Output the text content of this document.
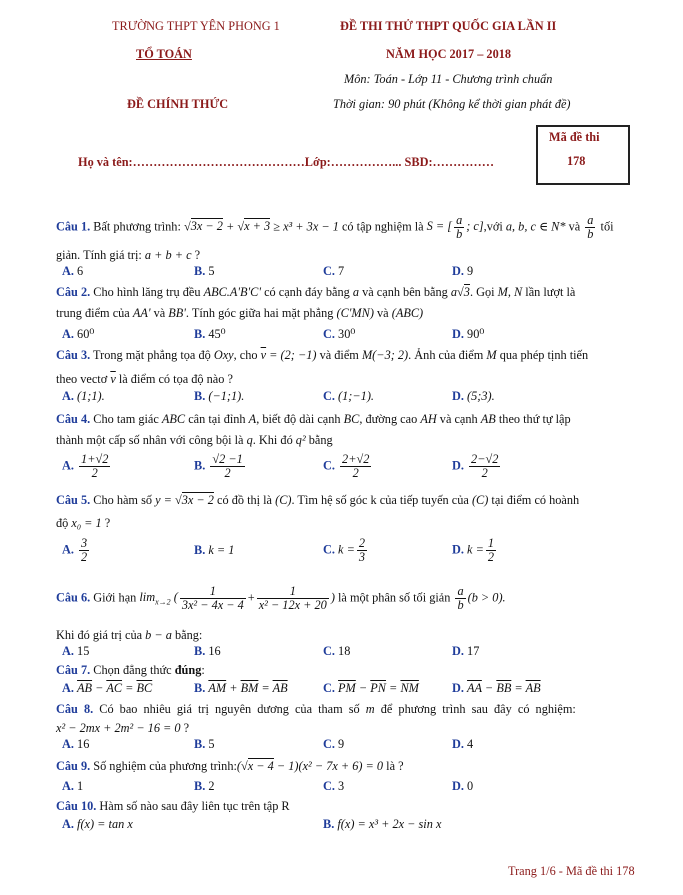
TRƯỜNG THPT YÊN PHONG 1
TỔ TOÁN
ĐỀ CHÍNH THỨC
ĐỀ THI THỬ THPT QUỐC GIA LẦN II
NĂM HỌC 2017 – 2018
Môn: Toán - Lớp 11 - Chương trình chuẩn
Thời gian: 90 phút (Không kể thời gian phát đề)
Mã đề thi
178
Họ và tên:……………………………………Lớp:……………... SBD:……………
Câu 1. Bất phương trình: √3x − 2 + √x + 3 ≥ x³ + 3x − 1 có tập nghiệm là S = [ $\frac{a}{b}$ ; c],với a, b, c ∈ N* và $\frac{a}{b}$ tối
giản. Tính giá trị: a + b + c ?
A. 6	B. 5	C. 7	D. 9
Câu 2. Cho hình lăng trụ đều ABC.A'B'C' có cạnh đáy bằng a và cạnh bên bằng a√3. Gọi M, N lần lượt là
trung điểm của AA' và BB'. Tính góc giữa hai mặt phẳng (C'MN) và (ABC)
A. 60⁰	B. 45⁰	C. 30⁰	D. 90⁰
Câu 3. Trong mặt phẳng tọa độ Oxy, cho $\overline{v} = (2$; −1) và điểm M(−3; 2). Ảnh của điểm M qua phép tịnh tiến
theo vectơ $\overline{v}$ là điểm có tọa độ nào ?
A. (1;1).	B. (−1;1).	C. (1;−1).	D. (5;3).
Câu 4. Cho tam giác ABC cân tại đỉnh A, biết độ dài cạnh BC, đường cao AH và cạnh AB theo thứ tự lập
thành một cấp số nhân với công bội là q. Khi đó q² bằng
A. $\frac{1+√2}{2}$	B. $\frac{√2 -1}{2}$	C. $\frac{2+√2}{2}$	D. $\frac{2-√2}{2}$
Câu 5. Cho hàm số y = √3x − 2 có đồ thị là (C). Tìm hệ số góc k của tiếp tuyến của (C) tại điểm có hoành
độ x₀ = 1 ?
A. $\frac{3}{2}$	B. k = 1	C. $k = \frac{2}{3}$	D. $k = \frac{1}{2}$
Câu 6. Giới hạn $\lim_{x\to 2}$ ( $\frac{1}{\text{3x² − 4x − 4}} + \frac{1}{\text{x² − 12x + 20}}$ ) là một phân số tối giản $\frac{a}{b} (b > 0)$.
Khi đó giá trị của b − a bằng:
A. 15	B. 16	C. 18	D. 17
Câu 7. Chọn đẳng thức đúng:
A. $\overline{AB} - \overline{AC} = \overline{BC}$	B. $\overline{AM} + \overline{BM} = \overline{AB}$	C. $\overline{PM} - \overline{PN} = \overline{NM}$	D. $\overline{AA} - \overline{BB} = \overline{AB}$
Câu 8. Có bao nhiêu giá trị nguyên dương của tham số m để phương trình sau đây có nghiệm:
x² − 2mx + 2m² − 16 = 0 ?
A. 16	B. 5	C. 9	D. 4
Câu 9. Số nghiệm của phương trình:(√x − 4 − 1)(x² − 7x + 6) = 0 là ?
A. 1	B. 2	C. 3	D. 0
Câu 10. Hàm số nào sau đây liên tục trên tập R
A. f(x) = tan x	B. f(x) = x³ + 2x − sin x
Trang 1/6 - Mã đề thi 178
